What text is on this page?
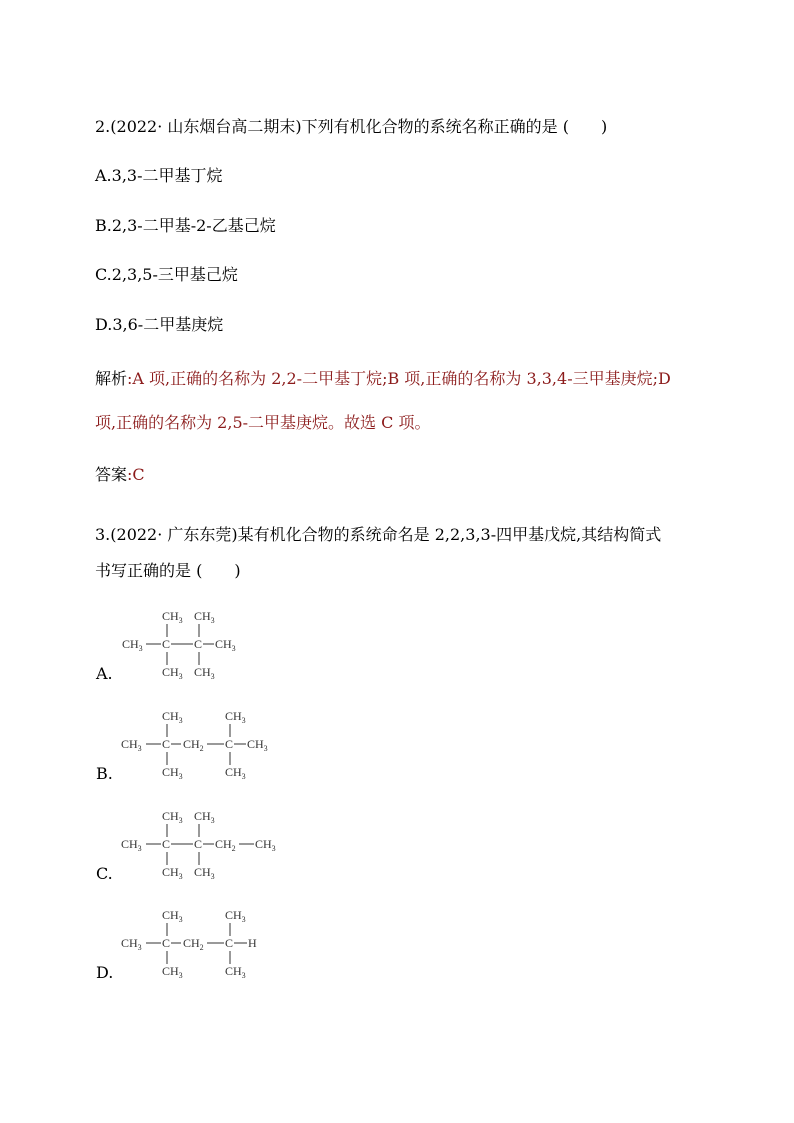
2.(2022· 山东烟台高二期末)下列有机化合物的系统名称正确的是 (　　)
A.3,3-二甲基丁烷
B.2,3-二甲基-2-乙基己烷
C.2,3,5-三甲基己烷
D.3,6-二甲基庚烷
解析:A 项,正确的名称为 2,2-二甲基丁烷;B 项,正确的名称为 3,3,4-三甲基庚烷;D
项,正确的名称为 2,5-二甲基庚烷。故选 C 项。
答案:C
3.(2022· 广东东莞)某有机化合物的系统命名是 2,2,3,3-四甲基戊烷,其结构简式
书写正确的是 (　　)
$CH_3$ $CH_3$
$CH_3$ C C $CH_3$
$CH_3$ $CH_3$
A.
$CH_3$	$CH_3$
$CH_3$ C $CH_2$ C $CH_3$
$CH_3$	$CH_3$
B.
$CH_3$ $CH_3$
$CH_3$ C C $CH_2$ $CH_3$
$CH_3$ $CH_3$
C.
$CH_3$	$CH_3$
$CH_3$ C $CH_2$ C H
$CH_3$	$CH_3$
D.
